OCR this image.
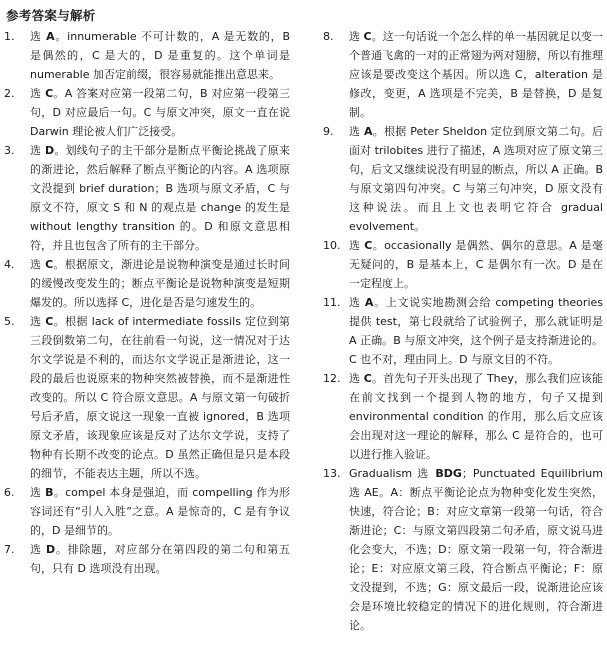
参考答案与解析
1.	选 A。innumerable 不可计数的，A 是无数的，B 是偶然的，C 是大的，D 是重复的。这个单词是 numerable 加否定前缀，很容易就能推出意思来。
2.	选 C。A 答案对应第一段第二句，B 对应第一段第三句，D 对应最后一句。C 与原文冲突，原文一直在说 Darwin 理论被人们广泛接受。
3.	选 D。划线句子的主干部分是断点平衡论挑战了原来的渐进论，然后解释了断点平衡论的内容。A 选项原文没提到 brief duration；B 选项与原文矛盾，C 与原文不符，原文 S 和 N 的观点是 change 的发生是 without lengthy transition 的。D 和原文意思相符，并且也包含了所有的主干部分。
4.	选 C。根据原文，渐进论是说物种演变是通过长时间的缓慢改变发生的；断点平衡论是说物种演变是短期爆发的。所以选择 C，进化是否是匀速发生的。
5.	选 C。根据 lack of intermediate fossils 定位到第三段倒数第二句，在往前看一句说，这一情况对于达尔文学说是不利的，而达尔文学说正是渐进论，这一段的最后也说原来的物种突然被替换，而不是渐进性改变的。所以 C 符合原文意思。A 与原文第一句破折号后矛盾，原文说这一现象一直被 ignored，B 选项原文矛盾，该现象应该是反对了达尔文学说，支持了物种有长期不改变的论点。D 虽然正确但是只是本段的细节，不能表达主题，所以不选。
6.	选 B。compel 本身是强迫，而 compelling 作为形容词还有“引人入胜”之意。A 是惊奇的，C 是有争议的，D 是细节的。
7.	选 D。排除题，对应部分在第四段的第二句和第五句，只有 D 选项没有出现。
8.	选 C。这一句话说一个怎么样的单一基因就足以变一个普通飞禽的一对的正常翅为两对翅膀，所以有推理应该是要改变这个基因。所以选 C，alteration 是修改，变更，A 选项是不完美，B 是替换，D 是复制。
9.	选 A。根据 Peter Sheldon 定位到原文第二句。后面对 trilobites 进行了描述，A 选项对应了原文第三句，后文又继续说没有明显的断点，所以 A 正确。B 与原文第四句冲突。C 与第三句冲突，D 原文没有这种说法。而且上文也表明它符合 gradual evolvement。
10. 选 C。occasionally 是偶然、偶尔的意思。A 是毫无疑问的，B 是基本上，C 是偶尔有一次。D 是在一定程度上。
11. 选 A。上文说实地勘测会给 competing theories 提供 test，第七段就给了试验例子，那么就证明是 A 正确。B 与原文冲突，这个例子是支持渐进论的。C 也不对，理由同上。D 与原文目的不符。
12. 选 C。首先句子开头出现了 They，那么我们应该能在前文找到一个提到人物的地方，句子又提到 environmental condition 的作用，那么后文应该会出现对这一理论的解释，那么 C 是符合的，也可以进行推入验证。
13. Gradualism 选 BDG；Punctuated Equilibrium 选 AE。A：断点平衡论论点为物种变化发生突然，快速，符合论；B：对应文章第一段第一句话，符合渐进论；C：与原文第四段第二句矛盾，原文说马进化会变大，不选；D：原文第一段第一句，符合渐进论；E：对应原文第三段，符合断点平衡论；F：原文没提到，不选；G：原文最后一段，说渐进论应该会是环境比较稳定的情况下的进化规则，符合渐进论。
